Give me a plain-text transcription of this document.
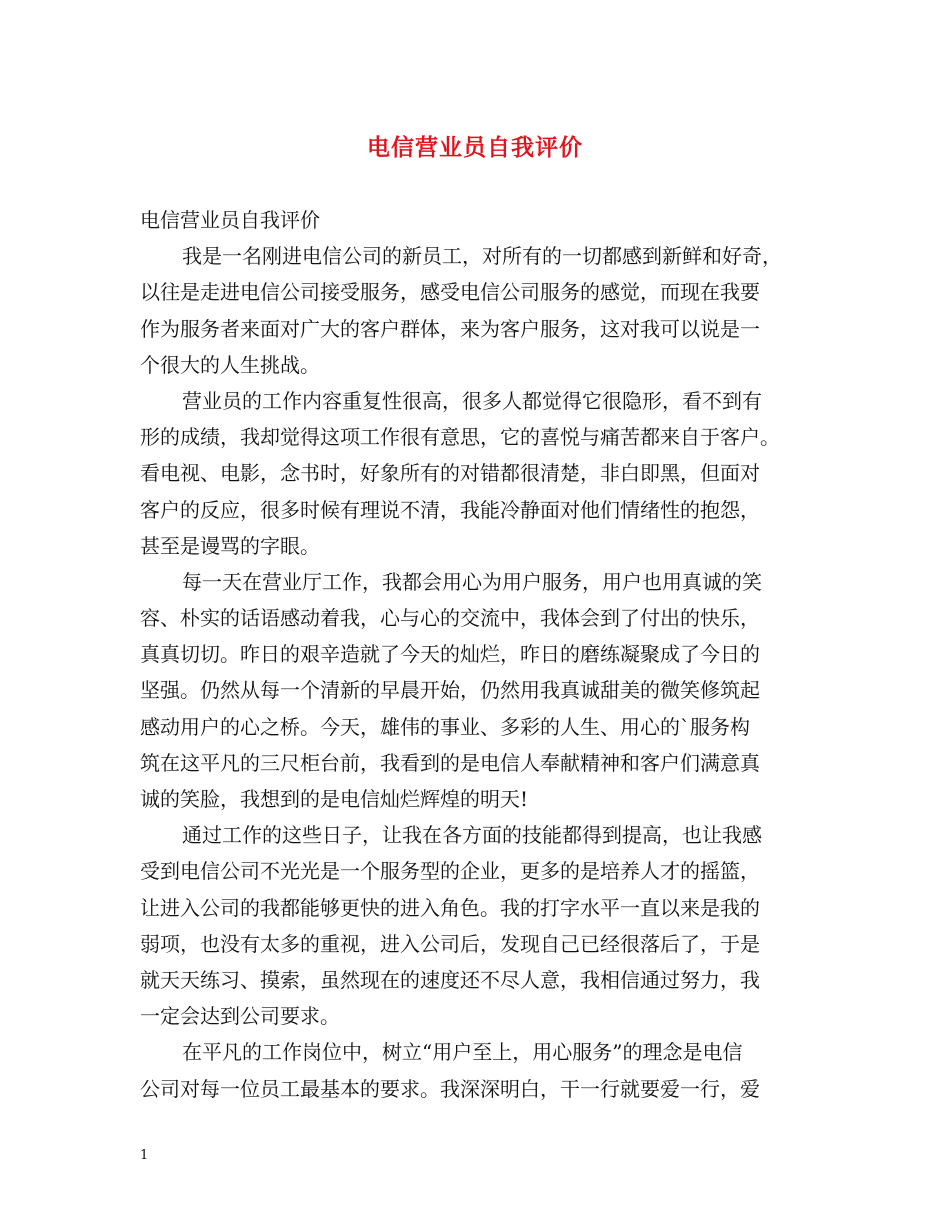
电信营业员自我评价
电信营业员自我评价
我是一名刚进电信公司的新员工，对所有的一切都感到新鲜和好奇，
以往是走进电信公司接受服务，感受电信公司服务的感觉，而现在我要
作为服务者来面对广大的客户群体，来为客户服务，这对我可以说是一
个很大的人生挑战。
营业员的工作内容重复性很高，很多人都觉得它很隐形，看不到有
形的成绩，我却觉得这项工作很有意思，它的喜悦与痛苦都来自于客户。
看电视、电影，念书时，好象所有的对错都很清楚，非白即黑，但面对
客户的反应，很多时候有理说不清，我能冷静面对他们情绪性的抱怨，
甚至是谩骂的字眼。
每一天在营业厅工作，我都会用心为用户服务，用户也用真诚的笑
容、朴实的话语感动着我，心与心的交流中，我体会到了付出的快乐，
真真切切。昨日的艰辛造就了今天的灿烂，昨日的磨练凝聚成了今日的
坚强。仍然从每一个清新的早晨开始，仍然用我真诚甜美的微笑修筑起
感动用户的心之桥。今天，雄伟的事业、多彩的人生、用心的`服务构
筑在这平凡的三尺柜台前，我看到的是电信人奉献精神和客户们满意真
诚的笑脸，我想到的是电信灿烂辉煌的明天!
通过工作的这些日子，让我在各方面的技能都得到提高，也让我感
受到电信公司不光光是一个服务型的企业，更多的是培养人才的摇篮，
让进入公司的我都能够更快的进入角色。我的打字水平一直以来是我的
弱项，也没有太多的重视，进入公司后，发现自己已经很落后了，于是
就天天练习、摸索，虽然现在的速度还不尽人意，我相信通过努力，我
一定会达到公司要求。
在平凡的工作岗位中，树立“用户至上，用心服务”的理念是电信
公司对每一位员工最基本的要求。我深深明白，干一行就要爱一行，爱
1
